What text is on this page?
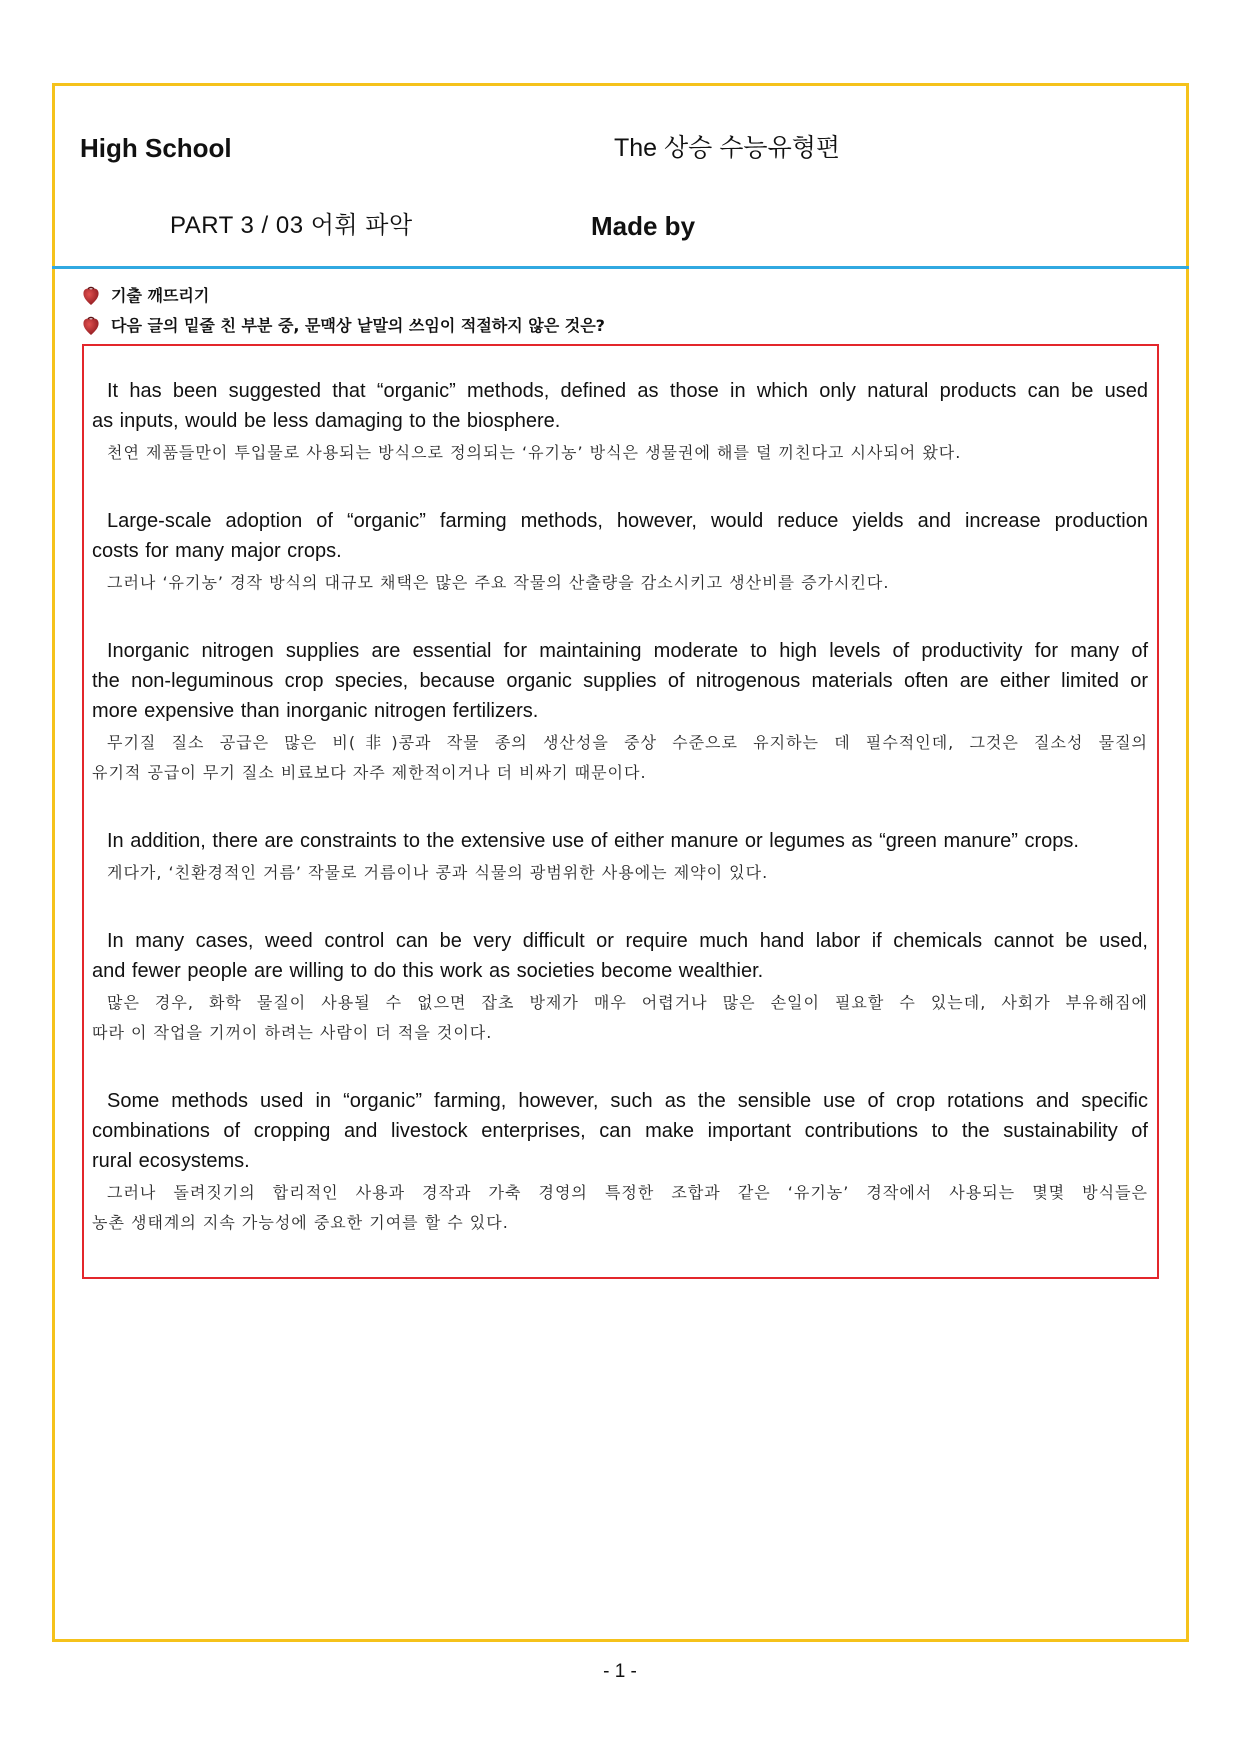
High School	The 상승 수능유형편
PART 3 / 03 어휘 파악	Made by
기출 깨뜨리기
다음 글의 밑줄 친 부분 중, 문맥상 낱말의 쓰임이 적절하지 않은 것은?
It has been suggested that “organic” methods, defined as those in which only natural products can be used
as inputs, would be less damaging to the biosphere.
천연 제품들만이 투입물로 사용되는 방식으로 정의되는 ‘유기농’ 방식은 생물권에 해를 덜 끼친다고 시사되어 왔다.
Large-scale adoption of “organic” farming methods, however, would reduce yields and increase production
costs for many major crops.
그러나 ‘유기농’ 경작 방식의 대규모 채택은 많은 주요 작물의 산출량을 감소시키고 생산비를 증가시킨다.
Inorganic nitrogen supplies are essential for maintaining moderate to high levels of productivity for many of
the non-leguminous crop species, because organic supplies of nitrogenous materials often are either limited or
more expensive than inorganic nitrogen fertilizers.
무기질 질소 공급은 많은 비(非)콩과 작물 종의 생산성을 중상 수준으로 유지하는 데 필수적인데, 그것은 질소성 물질의
유기적 공급이 무기 질소 비료보다 자주 제한적이거나 더 비싸기 때문이다.
In addition, there are constraints to the extensive use of either manure or legumes as “green manure” crops.
게다가, ‘친환경적인 거름’ 작물로 거름이나 콩과 식물의 광범위한 사용에는 제약이 있다.
In many cases, weed control can be very difficult or require much hand labor if chemicals cannot be used,
and fewer people are willing to do this work as societies become wealthier.
많은 경우, 화학 물질이 사용될 수 없으면 잡초 방제가 매우 어렵거나 많은 손일이 필요할 수 있는데, 사회가 부유해짐에
따라 이 작업을 기꺼이 하려는 사람이 더 적을 것이다.
Some methods used in “organic” farming, however, such as the sensible use of crop rotations and specific
combinations of cropping and livestock enterprises, can make important contributions to the sustainability of
rural ecosystems.
그러나 돌려짓기의 합리적인 사용과 경작과 가축 경영의 특정한 조합과 같은 ‘유기농’ 경작에서 사용되는 몇몇 방식들은
농촌 생태계의 지속 가능성에 중요한 기여를 할 수 있다.
- 1 -
